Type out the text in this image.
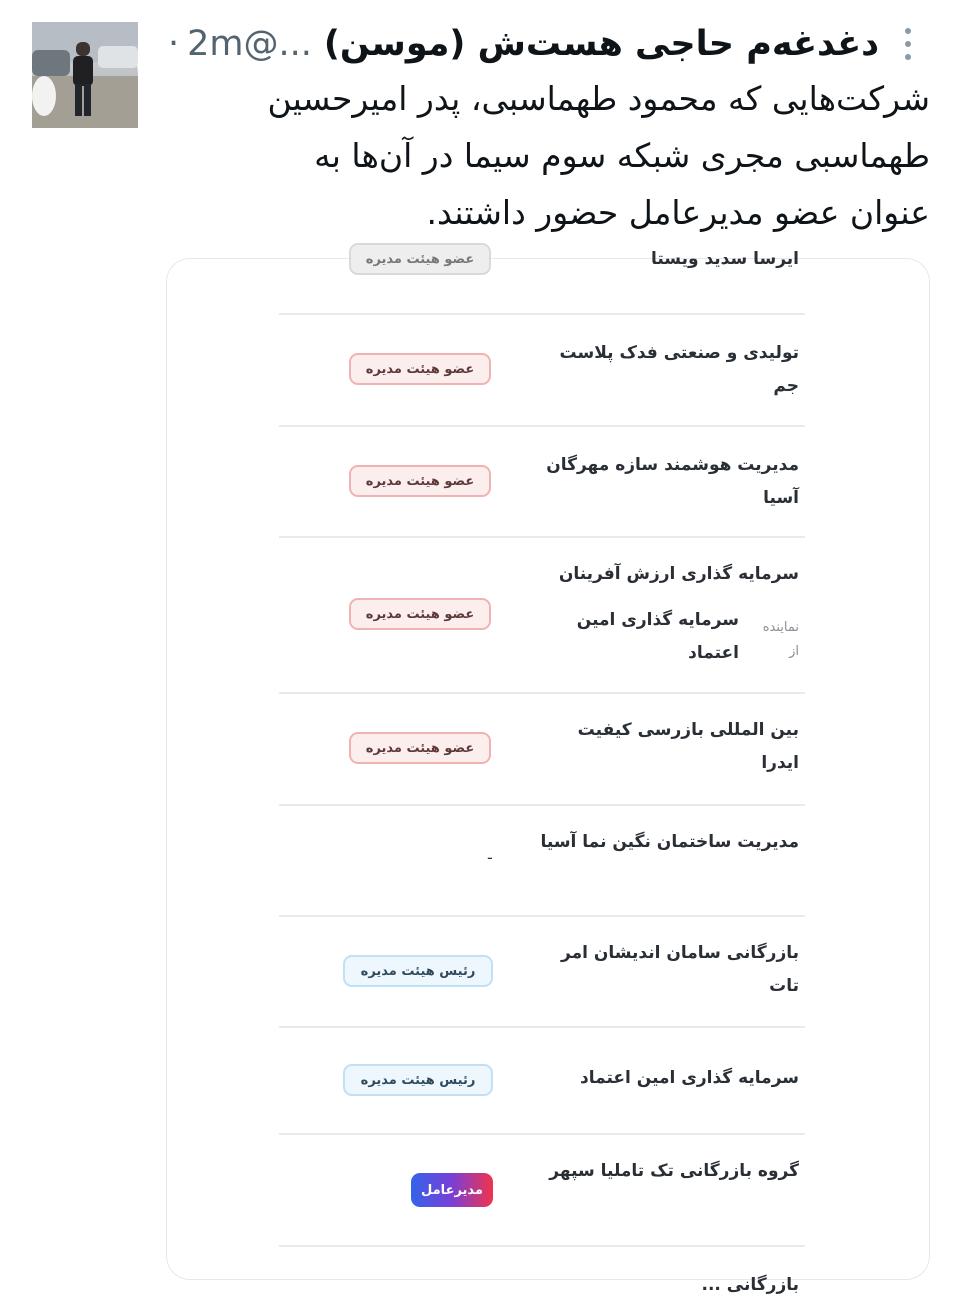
@...
· 2m دغدغه‌م حاجی هست‌ش (موسن)
شرکت‌هایی که محمود طهماسبی، پدر امیرحسین طهماسبی مجری شبکه سوم سیما در آن‌ها به عنوان عضو مدیرعامل حضور داشتند.
ایرسا سدید ویستا
عضو هیئت مدیره
تولیدی و صنعتی فدک پلاست جم
عضو هیئت مدیره
مدیریت هوشمند سازه مهرگان آسیا
عضو هیئت مدیره
سرمایه گذاری ارزش آفرینان
نماینده از
سرمایه گذاری امین اعتماد
عضو هیئت مدیره
بین المللی بازرسی کیفیت ایدرا
عضو هیئت مدیره
مدیریت ساختمان نگین نما آسیا
-
بازرگانی سامان اندیشان امر تات
رئیس هیئت مدیره
سرمایه گذاری امین اعتماد
رئیس هیئت مدیره
گروه بازرگانی تک تاملیا سپهر
مدیرعامل
بازرگانی ...
